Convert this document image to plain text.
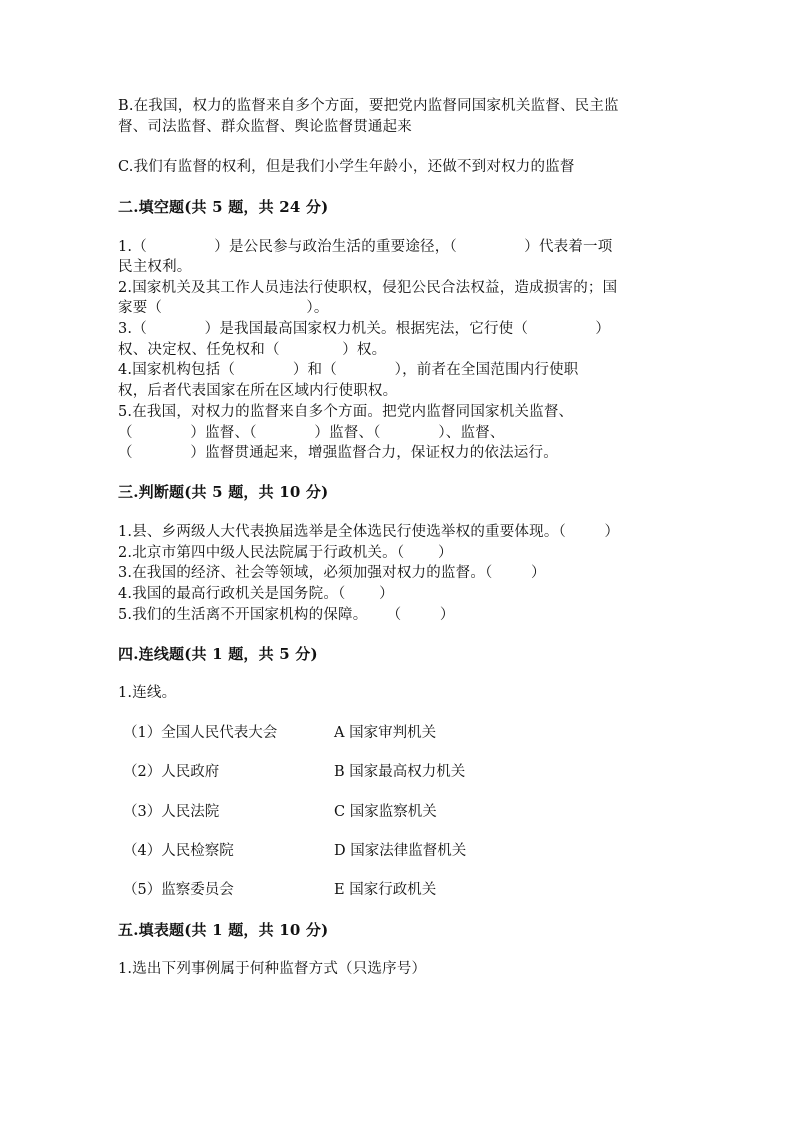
B.在我国，权力的监督来自多个方面，要把党内监督同国家机关监督、民主监
督、司法监督、群众监督、舆论监督贯通起来
C.我们有监督的权利，但是我们小学生年龄小，还做不到对权力的监督
二.填空题(共 5 题，共 24 分)
1.（              ）是公民参与政治生活的重要途径，（              ）代表着一项
民主权利。
2.国家机关及其工作人员违法行使职权，侵犯公民合法权益，造成损害的；国
家要（                              ）。
3.（            ）是我国最高国家权力机关。根据宪法，它行使（              ）
权、决定权、任免权和（             ）权。
4.国家机构包括（            ）和（            ），前者在全国范围内行使职
权，后者代表国家在所在区域内行使职权。
5.在我国，对权力的监督来自多个方面。把党内监督同国家机关监督、
（            ）监督、（            ）监督、（            ）、监督、
（            ）监督贯通起来，增强监督合力，保证权力的依法运行。
三.判断题(共 5 题，共 10 分)
1.县、乡两级人大代表换届选举是全体选民行使选举权的重要体现。（        ）
2.北京市第四中级人民法院属于行政机关。（       ）
3.在我国的经济、社会等领域，必须加强对权力的监督。（        ）
4.我国的最高行政机关是国务院。（       ）
5.我们的生活离不开国家机构的保障。    （        ）
四.连线题(共 1 题，共 5 分)
1.连线。
（1）全国人民代表大会	A 国家审判机关
（2）人民政府	B 国家最高权力机关
（3）人民法院	C 国家监察机关
（4）人民检察院	D 国家法律监督机关
（5）监察委员会	E 国家行政机关
五.填表题(共 1 题，共 10 分)
1.选出下列事例属于何种监督方式（只选序号）
